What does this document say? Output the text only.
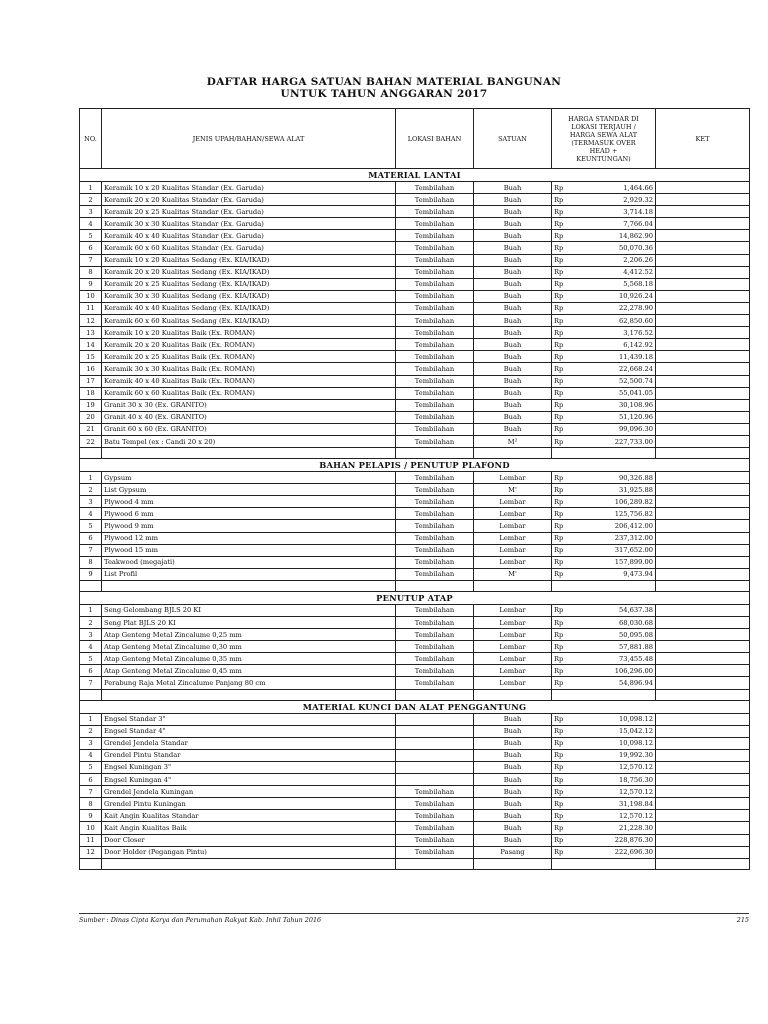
DAFTAR HARGA SATUAN BAHAN MATERIAL BANGUNAN
UNTUK TAHUN ANGGARAN 2017
NO.	JENIS UPAH/BAHAN/SEWA ALAT	LOKASI BAHAN	SATUAN	HARGA STANDAR DI LOKASI TERJAUH / HARGA SEWA ALAT (TERMASUK OVER HEAD + KEUNTUNGAN)		KET
MATERIAL LANTAI						
1	Keramik 10 x 20 Kualitas Standar (Ex. Garuda)	Tembilahan	Buah	Rp	1,464.66	
2	Keramik 20 x 20 Kualitas Standar (Ex. Garuda)	Tembilahan	Buah	Rp	2,929.32	
3	Keramik 20 x 25 Kualitas Standar (Ex. Garuda)	Tembilahan	Buah	Rp	3,714.18	
4	Keramik 30 x 30 Kualitas Standar (Ex. Garuda)	Tembilahan	Buah	Rp	7,766.04	
5	Keramik 40 x 40 Kualitas Standar (Ex. Garuda)	Tembilahan	Buah	Rp	14,862.90	
6	Keramik 60 x 60 Kualitas Standar (Ex. Garuda)	Tembilahan	Buah	Rp	50,070.36	
7	Keramik 10 x 20 Kualitas Sedang (Ex. KIA/IKAD)	Tembilahan	Buah	Rp	2,206.26	
8	Keramik 20 x 20 Kualitas Sedang (Ex. KIA/IKAD)	Tembilahan	Buah	Rp	4,412.52	
9	Keramik 20 x 25 Kualitas Sedang (Ex. KIA/IKAD)	Tembilahan	Buah	Rp	5,568.18	
10	Keramik 30 x 30 Kualitas Sedang (Ex. KIA/IKAD)	Tembilahan	Buah	Rp	10,926.24	
11	Keramik 40 x 40 Kualitas Sedang (Ex. KIA/IKAD)	Tembilahan	Buah	Rp	22,278.90	
12	Keramik 60 x 60 Kualitas Sedang (Ex. KIA/IKAD)	Tembilahan	Buah	Rp	62,850.60	
13	Keramik 10 x 20 Kualitas Baik (Ex. ROMAN)	Tembilahan	Buah	Rp	3,176.52	
14	Keramik 20 x 20 Kualitas Baik (Ex. ROMAN)	Tembilahan	Buah	Rp	6,142.92	
15	Keramik 20 x 25 Kualitas Baik (Ex. ROMAN)	Tembilahan	Buah	Rp	11,439.18	
16	Keramik 30 x 30 Kualitas Baik (Ex. ROMAN)	Tembilahan	Buah	Rp	22,668.24	
17	Keramik 40 x 40 Kualitas Baik (Ex. ROMAN)	Tembilahan	Buah	Rp	52,500.74	
18	Keramik 60 x 60 Kualitas Baik (Ex. ROMAN)	Tembilahan	Buah	Rp	55,041.05	
19	Granit 30 x 30 (Ex. GRANITO)	Tembilahan	Buah	Rp	30,108.96	
20	Granit 40 x 40 (Ex. GRANITO)	Tembilahan	Buah	Rp	51,120.96	
21	Granit 60 x 60 (Ex. GRANITO)	Tembilahan	Buah	Rp	99,096.30	
22	Batu Tempel (ex : Candi 20 x 20)	Tembilahan	M²	Rp	227,733.00	

BAHAN PELAPIS / PENUTUP PLAFOND						
1	Gypsum	Tembilahan	Lembar	Rp	90,326.88	
2	List Gypsum	Tembilahan	M'	Rp	31,925.88	
3	Plywood 4 mm	Tembilahan	Lembar	Rp	106,289.82	
4	Plywood 6 mm	Tembilahan	Lembar	Rp	125,756.82	
5	Plywood 9 mm	Tembilahan	Lembar	Rp	206,412.00	
6	Plywood 12 mm	Tembilahan	Lembar	Rp	237,312.00	
7	Plywood 15 mm	Tembilahan	Lembar	Rp	317,652.00	
8	Teakwood (megajati)	Tembilahan	Lembar	Rp	157,899.00	
9	List Profil	Tembilahan	M'	Rp	9,473.94	

PENUTUP ATAP						
1	Seng Gelombang BJLS 20 KI	Tembilahan	Lembar	Rp	54,637.38	
2	Seng Plat BJLS 20 KI	Tembilahan	Lembar	Rp	68,030.68	
3	Atap Genteng Metal Zincalume 0,25 mm	Tembilahan	Lembar	Rp	50,095.08	
4	Atap Genteng Metal Zincalume 0,30 mm	Tembilahan	Lembar	Rp	57,881.88	
5	Atap Genteng Metal Zincalume 0,35 mm	Tembilahan	Lembar	Rp	73,455.48	
6	Atap Genteng Metal Zincalume 0,45 mm	Tembilahan	Lembar	Rp	106,296.00	
7	Perabung Raja Metal Zincalume Panjang 80 cm	Tembilahan	Lembar	Rp	54,896.94	

MATERIAL KUNCI DAN ALAT PENGGANTUNG						
1	Engsel Standar 3"		Buah	Rp	10,098.12	
2	Engsel Standar 4"		Buah	Rp	15,042.12	
3	Grendel Jendela Standar		Buah	Rp	10,098.12	
4	Grendel Pintu Standar		Buah	Rp	19,992.30	
5	Engsel Kuningan 3"		Buah	Rp	12,570.12	
6	Engsel Kuningan 4"		Buah	Rp	18,756.30	
7	Grendel Jendela Kuningan	Tembilahan	Buah	Rp	12,570.12	
8	Grendel Pintu Kuningan	Tembilahan	Buah	Rp	31,198.84	
9	Kait Angin Kualitas Standar	Tembilahan	Buah	Rp	12,570.12	
10	Kait Angin Kualitas Baik	Tembilahan	Buah	Rp	21,228.30	
11	Door Closer	Tembilahan	Buah	Rp	228,876.30	
12	Door Holder (Pegangan Pintu)	Tembilahan	Pasang	Rp	222,696.30	

Sumber : Dinas Cipta Karya dan Perumahan Rakyat Kab. Inhil Tahun 2016	215
